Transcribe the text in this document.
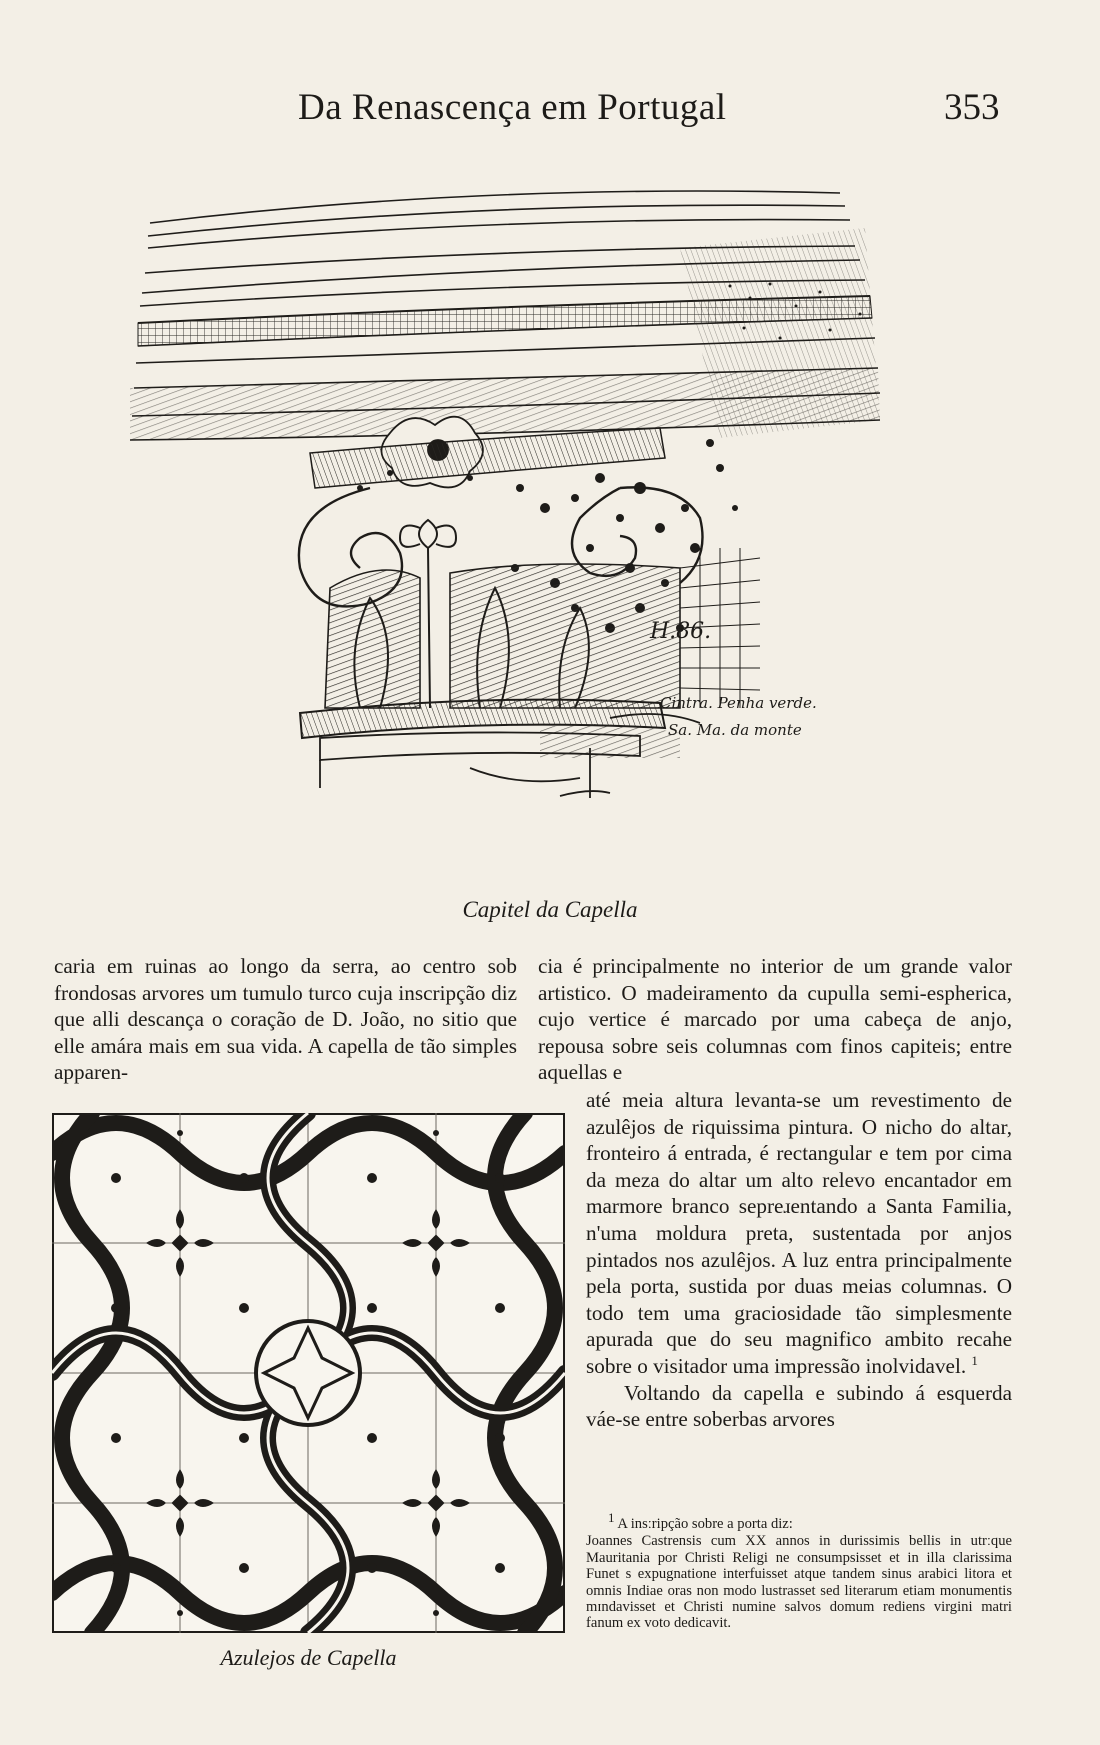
Da Renascença em Portugal	353
H.86.
Cintra. Penha verde.
Sa. Ma. da monte
Capitel da Capella

caria em ruinas ao longo da serra, ao centro sob frondosas arvores um tumulo turco cuja inscripção diz que alli descança o coração de D. João, no sitio que elle amára mais em sua vida. A capella de tão simples apparen-

cia é principalmente no interior de um grande valor artistico. O madeiramento da cupulla semi-espherica, cujo vertice é marcado por uma cabeça de anjo, repousa sobre seis columnas com finos capiteis; entre aquellas e

até meia altura levanta-se um revestimento de azulêjos de riquissima pintura. O nicho do altar, fronteiro á entrada, é rectangular e tem por cima da meza do altar um alto relevo encantador em marmore branco sepreɹentando a Santa Familia, n'uma moldura preta, sustentada por anjos pintados nos azulêjos. A luz entra principalmente pela porta, sustida por duas meias columnas. O todo tem uma graciosidade tão simplesmente apurada que do seu magnifico ambito recahe sobre o visitador uma impressão inolvidavel. $^1$

Voltando da capella e subindo á esquerda váe-se entre soberbas arvores

Azulejos de Capella

1 A insːripção sobre a porta diz:

Joannes Castrensis cum XX annos in durissimis bellis in utrːque Mauritania por Christi Religi ne consumpsisset et in illa clarissima Funet s expugnatione interfuisset atque tandem sinus arabici litora et omnis Indiae oras non modo lustrasset sed literarum etiam monumentis mɪndavisset et Christi numine salvos domum rediens virgini matri fanum ex voto dedicavit.
